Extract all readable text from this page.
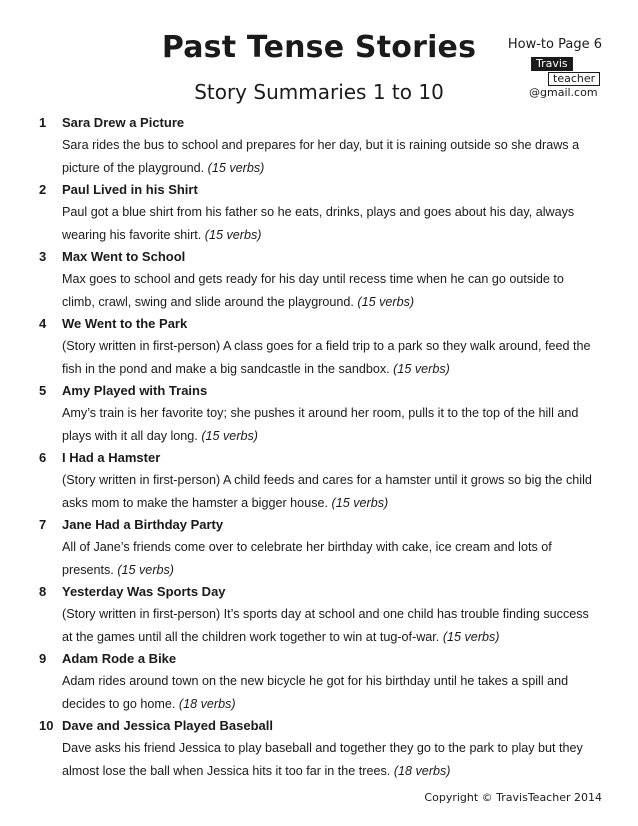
Past Tense Stories
Story Summaries 1 to 10
How-to Page 6
Travis
teacher
@gmail.com
1 Sara Drew a Picture

Sara rides the bus to school and prepares for her day, but it is raining outside so she draws a picture of the playground. (15 verbs)

2 Paul Lived in his Shirt

Paul got a blue shirt from his father so he eats, drinks, plays and goes about his day, always wearing his favorite shirt. (15 verbs)

3 Max Went to School

Max goes to school and gets ready for his day until recess time when he can go outside to climb, crawl, swing and slide around the playground. (15 verbs)

4 We Went to the Park

(Story written in first-person) A class goes for a field trip to a park so they walk around, feed the fish in the pond and make a big sandcastle in the sandbox. (15 verbs)

5 Amy Played with Trains

Amy’s train is her favorite toy; she pushes it around her room, pulls it to the top of the hill and plays with it all day long. (15 verbs)

6 I Had a Hamster

(Story written in first-person) A child feeds and cares for a hamster until it grows so big the child asks mom to make the hamster a bigger house. (15 verbs)

7 Jane Had a Birthday Party

All of Jane’s friends come over to celebrate her birthday with cake, ice cream and lots of presents. (15 verbs)

8 Yesterday Was Sports Day

(Story written in first-person) It’s sports day at school and one child has trouble finding success at the games until all the children work together to win at tug-of-war. (15 verbs)

9 Adam Rode a Bike

Adam rides around town on the new bicycle he got for his birthday until he takes a spill and decides to go home. (18 verbs)

10 Dave and Jessica Played Baseball

Dave asks his friend Jessica to play baseball and together they go to the park to play but they almost lose the ball when Jessica hits it too far in the trees. (18 verbs)

Copyright © TravisTeacher 2014
